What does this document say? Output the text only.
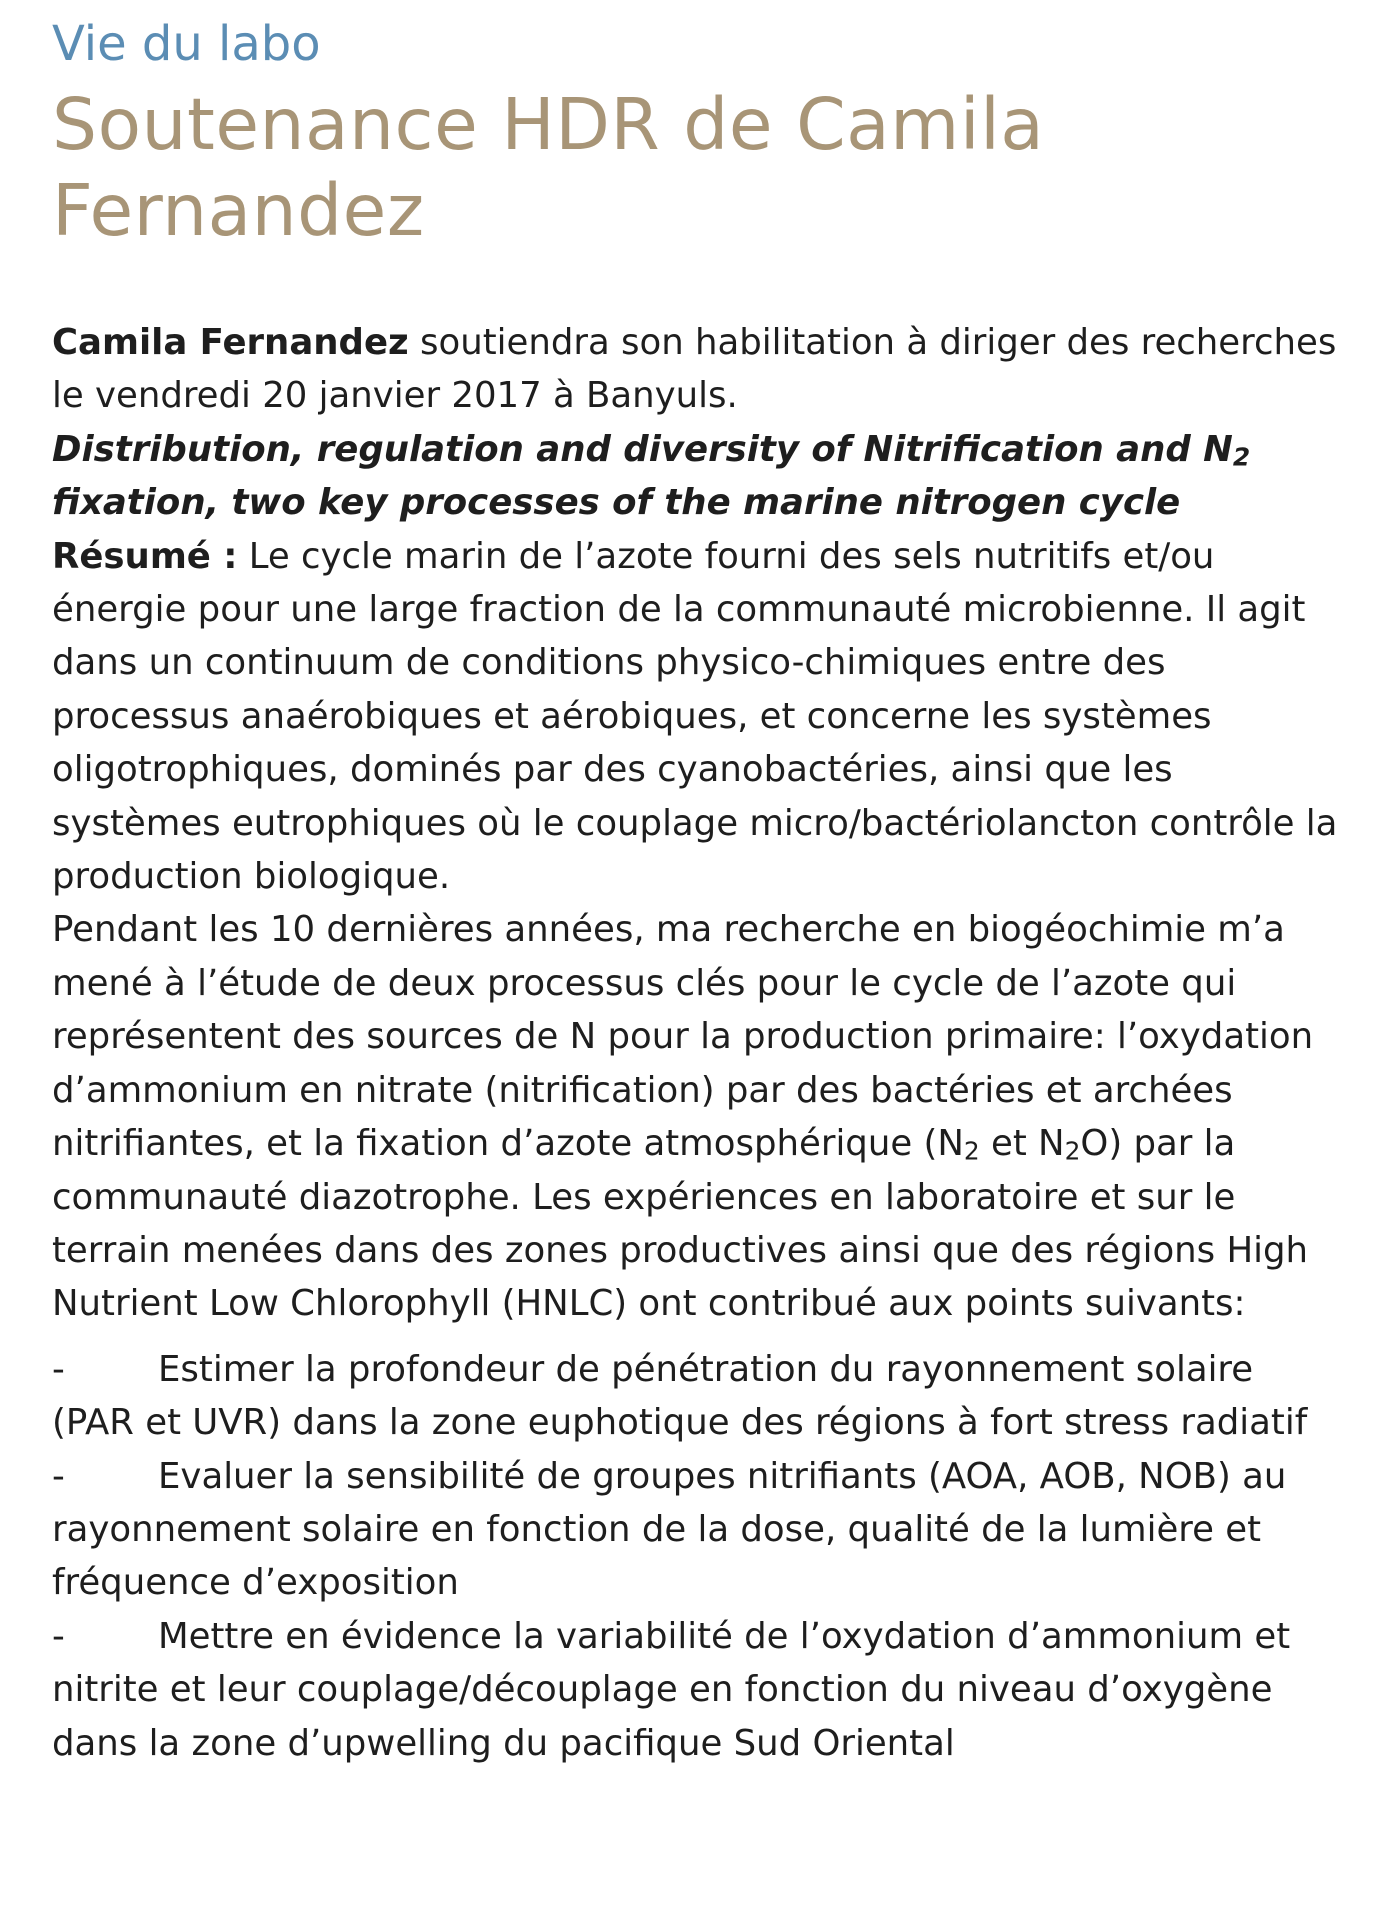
Vie du labo
Soutenance HDR de Camila Fernandez

Camila Fernandez soutiendra son habilitation à diriger des recherches le vendredi 20 janvier 2017 à Banyuls.

Distribution, regulation and diversity of Nitrification and $N_2$ fixation, two key processes of the marine nitrogen cycle

Résumé : Le cycle marin de l’azote fourni des sels nutritifs et/ou énergie pour une large fraction de la communauté microbienne. Il agit dans un continuum de conditions physico-chimiques entre des processus anaérobiques et aérobiques, et concerne les systèmes oligotrophiques, dominés par des cyanobactéries, ainsi que les systèmes eutrophiques où le couplage micro/bactériolancton contrôle la production biologique.

Pendant les 10 dernières années, ma recherche en biogéochimie m’a mené à l’étude de deux processus clés pour le cycle de l’azote qui représentent des sources de N pour la production primaire: l’oxydation d’ammonium en nitrate (nitrification) par des bactéries et archées nitrifiantes, et la fixation d’azote atmosphérique ($N_2$ et $N_2O$) par la communauté diazotrophe. Les expériences en laboratoire et sur le terrain menées dans des zones productives ainsi que des régions High Nutrient Low Chlorophyll (HNLC) ont contribué aux points suivants:

-	Estimer la profondeur de pénétration du rayonnement solaire (PAR et UVR) dans la zone euphotique des régions à fort stress radiatif

-	Evaluer la sensibilité de groupes nitrifiants (AOA, AOB, NOB) au rayonnement solaire en fonction de la dose, qualité de la lumière et fréquence d’exposition

-	Mettre en évidence la variabilité de l’oxydation d’ammonium et nitrite et leur couplage/découplage en fonction du niveau d’oxygène dans la zone d’upwelling du pacifique Sud Oriental
